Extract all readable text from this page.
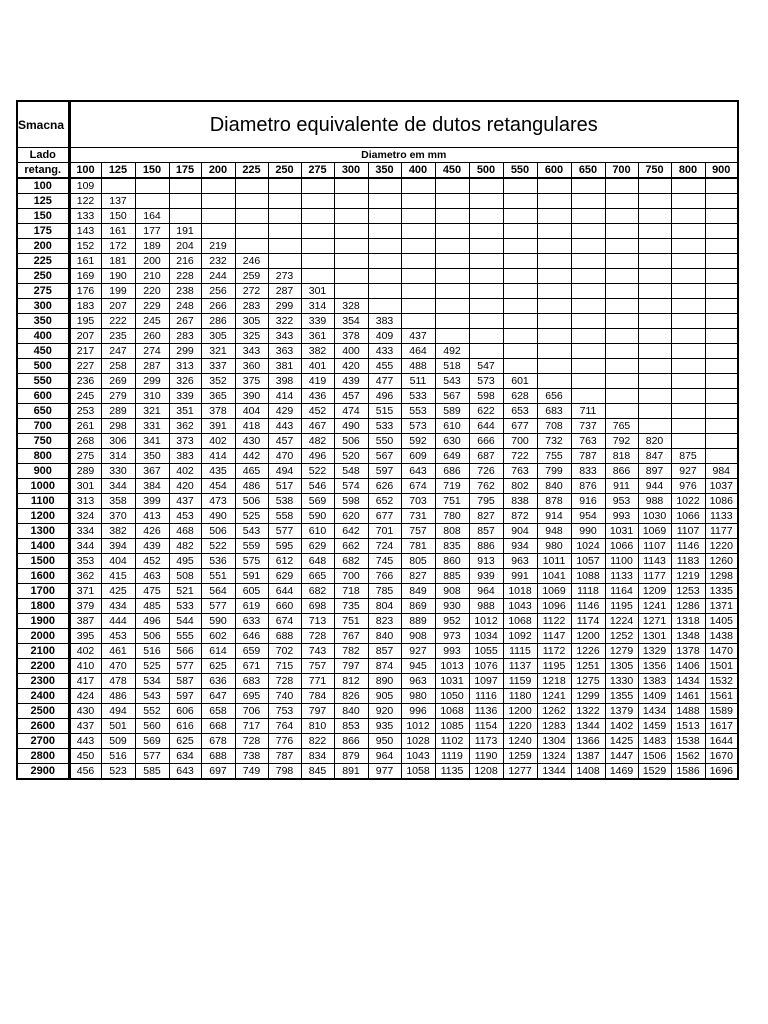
Smacna	Diametro equivalente de dutos retangulares																			
Lado	Diametro em mm																			
retang.	100	125	150	175	200	225	250	275	300	350	400	450	500	550	600	650	700	750	800	900
100	109																			
125	122	137																		
150	133	150	164																	
175	143	161	177	191																
200	152	172	189	204	219															
225	161	181	200	216	232	246														
250	169	190	210	228	244	259	273													
275	176	199	220	238	256	272	287	301												
300	183	207	229	248	266	283	299	314	328											
350	195	222	245	267	286	305	322	339	354	383										
400	207	235	260	283	305	325	343	361	378	409	437									
450	217	247	274	299	321	343	363	382	400	433	464	492								
500	227	258	287	313	337	360	381	401	420	455	488	518	547							
550	236	269	299	326	352	375	398	419	439	477	511	543	573	601						
600	245	279	310	339	365	390	414	436	457	496	533	567	598	628	656					
650	253	289	321	351	378	404	429	452	474	515	553	589	622	653	683	711				
700	261	298	331	362	391	418	443	467	490	533	573	610	644	677	708	737	765			
750	268	306	341	373	402	430	457	482	506	550	592	630	666	700	732	763	792	820		
800	275	314	350	383	414	442	470	496	520	567	609	649	687	722	755	787	818	847	875	
900	289	330	367	402	435	465	494	522	548	597	643	686	726	763	799	833	866	897	927	984
1000	301	344	384	420	454	486	517	546	574	626	674	719	762	802	840	876	911	944	976	1037
1100	313	358	399	437	473	506	538	569	598	652	703	751	795	838	878	916	953	988	1022	1086
1200	324	370	413	453	490	525	558	590	620	677	731	780	827	872	914	954	993	1030	1066	1133
1300	334	382	426	468	506	543	577	610	642	701	757	808	857	904	948	990	1031	1069	1107	1177
1400	344	394	439	482	522	559	595	629	662	724	781	835	886	934	980	1024	1066	1107	1146	1220
1500	353	404	452	495	536	575	612	648	682	745	805	860	913	963	1011	1057	1100	1143	1183	1260
1600	362	415	463	508	551	591	629	665	700	766	827	885	939	991	1041	1088	1133	1177	1219	1298
1700	371	425	475	521	564	605	644	682	718	785	849	908	964	1018	1069	1118	1164	1209	1253	1335
1800	379	434	485	533	577	619	660	698	735	804	869	930	988	1043	1096	1146	1195	1241	1286	1371
1900	387	444	496	544	590	633	674	713	751	823	889	952	1012	1068	1122	1174	1224	1271	1318	1405
2000	395	453	506	555	602	646	688	728	767	840	908	973	1034	1092	1147	1200	1252	1301	1348	1438
2100	402	461	516	566	614	659	702	743	782	857	927	993	1055	1115	1172	1226	1279	1329	1378	1470
2200	410	470	525	577	625	671	715	757	797	874	945	1013	1076	1137	1195	1251	1305	1356	1406	1501
2300	417	478	534	587	636	683	728	771	812	890	963	1031	1097	1159	1218	1275	1330	1383	1434	1532
2400	424	486	543	597	647	695	740	784	826	905	980	1050	1116	1180	1241	1299	1355	1409	1461	1561
2500	430	494	552	606	658	706	753	797	840	920	996	1068	1136	1200	1262	1322	1379	1434	1488	1589
2600	437	501	560	616	668	717	764	810	853	935	1012	1085	1154	1220	1283	1344	1402	1459	1513	1617
2700	443	509	569	625	678	728	776	822	866	950	1028	1102	1173	1240	1304	1366	1425	1483	1538	1644
2800	450	516	577	634	688	738	787	834	879	964	1043	1119	1190	1259	1324	1387	1447	1506	1562	1670
2900	456	523	585	643	697	749	798	845	891	977	1058	1135	1208	1277	1344	1408	1469	1529	1586	1696
